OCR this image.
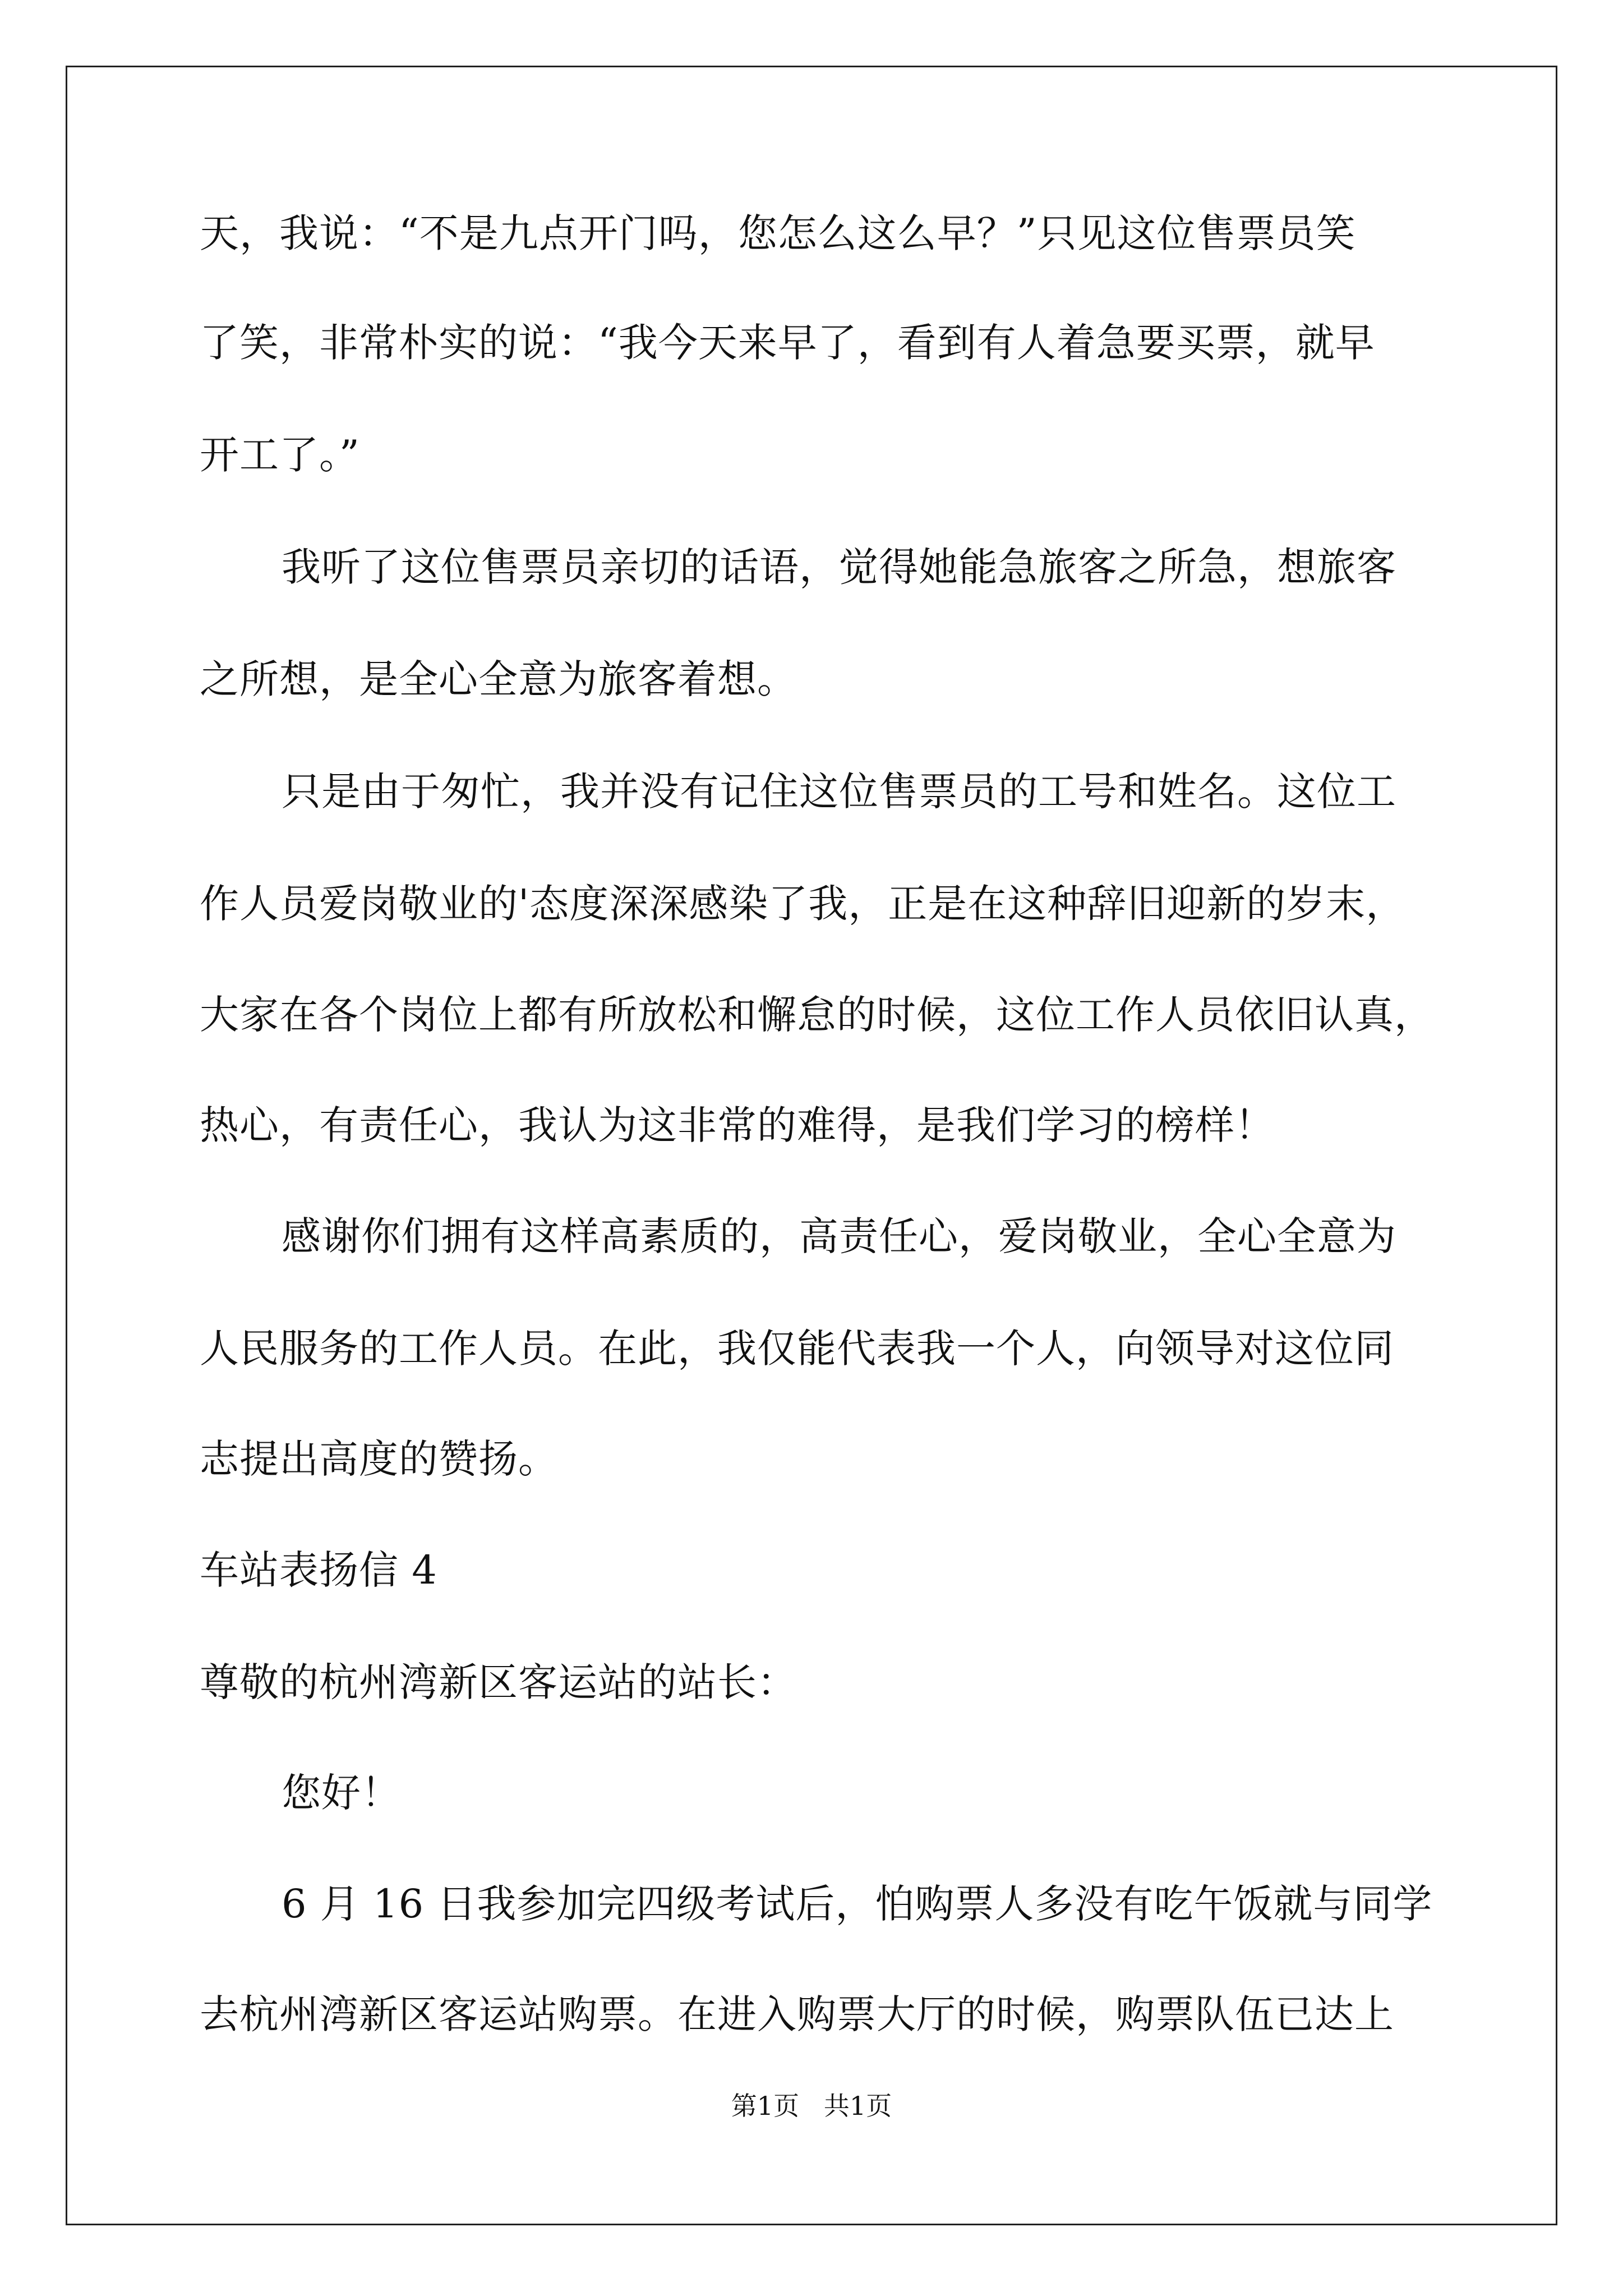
天，我说：“不是九点开门吗，您怎么这么早？”只见这位售票员笑
了笑，非常朴实的说：“我今天来早了，看到有人着急要买票，就早
开工了。”
我听了这位售票员亲切的话语，觉得她能急旅客之所急，想旅客
之所想，是全心全意为旅客着想。
只是由于匆忙，我并没有记住这位售票员的工号和姓名。这位工
作人员爱岗敬业的'态度深深感染了我，正是在这种辞旧迎新的岁末，
大家在各个岗位上都有所放松和懈怠的时候，这位工作人员依旧认真，
热心，有责任心，我认为这非常的难得，是我们学习的榜样！
感谢你们拥有这样高素质的，高责任心，爱岗敬业，全心全意为
人民服务的工作人员。在此，我仅能代表我一个人，向领导对这位同
志提出高度的赞扬。
车站表扬信 4
尊敬的杭州湾新区客运站的站长：
您好！
6 月 16 日我参加完四级考试后，怕购票人多没有吃午饭就与同学
去杭州湾新区客运站购票。在进入购票大厅的时候，购票队伍已达上
第1页   共1页
